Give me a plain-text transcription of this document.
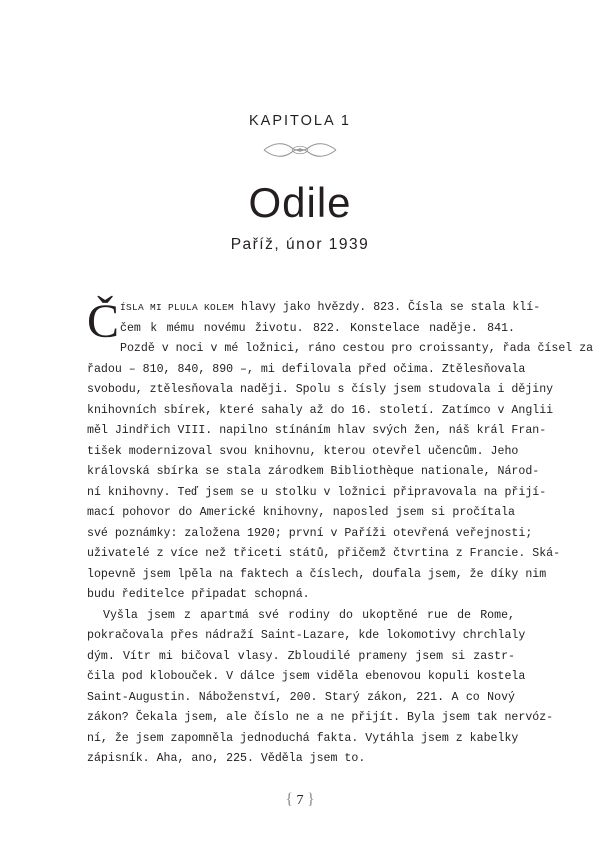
KAPITOLA 1
Odile
Paříž, únor 1939
Č ÍSLA MI PLULA KOLEM hlavy jako hvězdy. 823. Čísla se stala klí-
čem k mému novému životu. 822. Konstelace naděje. 841.
Pozdě v noci v mé ložnici, ráno cestou pro croissanty, řada čísel za
řadou – 810, 840, 890 –, mi defilovala před očima. Ztělesňovala
svobodu, ztělesňovala naději. Spolu s čísly jsem studovala i dějiny
knihovních sbírek, které sahaly až do 16. století. Zatímco v Anglii
měl Jindřich VIII. napilno stínáním hlav svých žen, náš král Fran-
tišek modernizoval svou knihovnu, kterou otevřel učencům. Jeho
královská sbírka se stala zárodkem Bibliothèque nationale, Národ-
ní knihovny. Teď jsem se u stolku v ložnici připravovala na přijí-
mací pohovor do Americké knihovny, naposled jsem si pročítala
své poznámky: založena 1920; první v Paříži otevřená veřejnosti;
uživatelé z více než třiceti států, přičemž čtvrtina z Francie. Ská-
lopevně jsem lpěla na faktech a číslech, doufala jsem, že díky nim
budu ředitelce připadat schopná.
Vyšla jsem z apartmá své rodiny do ukoptěné rue de Rome,
pokračovala přes nádraží Saint-Lazare, kde lokomotivy chrchlaly
dým. Vítr mi bičoval vlasy. Zbloudilé prameny jsem si zastr-
čila pod klobouček. V dálce jsem viděla ebenovou kopuli kostela
Saint-Augustin. Náboženství, 200. Starý zákon, 221. A co Nový
zákon? Čekala jsem, ale číslo ne a ne přijít. Byla jsem tak nervóz-
ní, že jsem zapomněla jednoduchá fakta. Vytáhla jsem z kabelky
zápisník. Aha, ano, 225. Věděla jsem to.
{ 7 }
